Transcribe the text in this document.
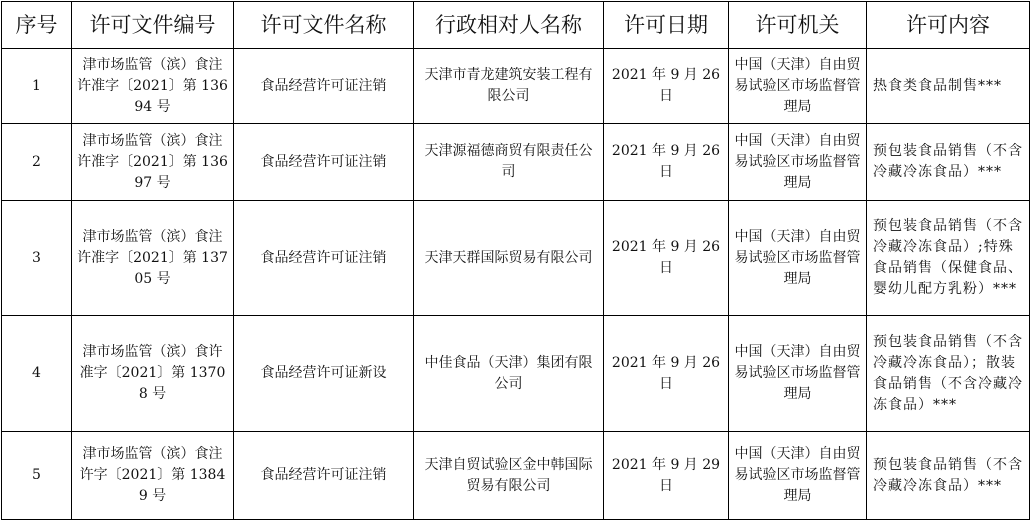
序号	许可文件编号	许可文件名称	行政相对人名称	许可日期	许可机关	许可内容
1	津市场监管（滨）食注许准字〔2021〕第 13694 号	食品经营许可证注销	天津市青龙建筑安装工程有限公司	2021 年 9 月 26 日	中国（天津）自由贸易试验区市场监督管理局	热食类食品制售***
2	津市场监管（滨）食注许准字〔2021〕第 13697 号	食品经营许可证注销	天津源福德商贸有限责任公司	2021 年 9 月 26 日	中国（天津）自由贸易试验区市场监督管理局	预包装食品销售（不含冷藏冷冻食品）***
3	津市场监管（滨）食注许准字〔2021〕第 13705 号	食品经营许可证注销	天津天群国际贸易有限公司	2021 年 9 月 26 日	中国（天津）自由贸易试验区市场监督管理局	预包装食品销售（不含冷藏冷冻食品）;特殊食品销售（保健食品、婴幼儿配方乳粉）***
4	津市场监管（滨）食许准字〔2021〕第 13708 号	食品经营许可证新设	中佳食品（天津）集团有限公司	2021 年 9 月 26 日	中国（天津）自由贸易试验区市场监督管理局	预包装食品销售（不含冷藏冷冻食品）；散装食品销售（不含冷藏冷冻食品）***
5	津市场监管（滨）食注许字〔2021〕第 13849 号	食品经营许可证注销	天津自贸试验区金中韩国际贸易有限公司	2021 年 9 月 29 日	中国（天津）自由贸易试验区市场监督管理局	预包装食品销售（不含冷藏冷冻食品）***
